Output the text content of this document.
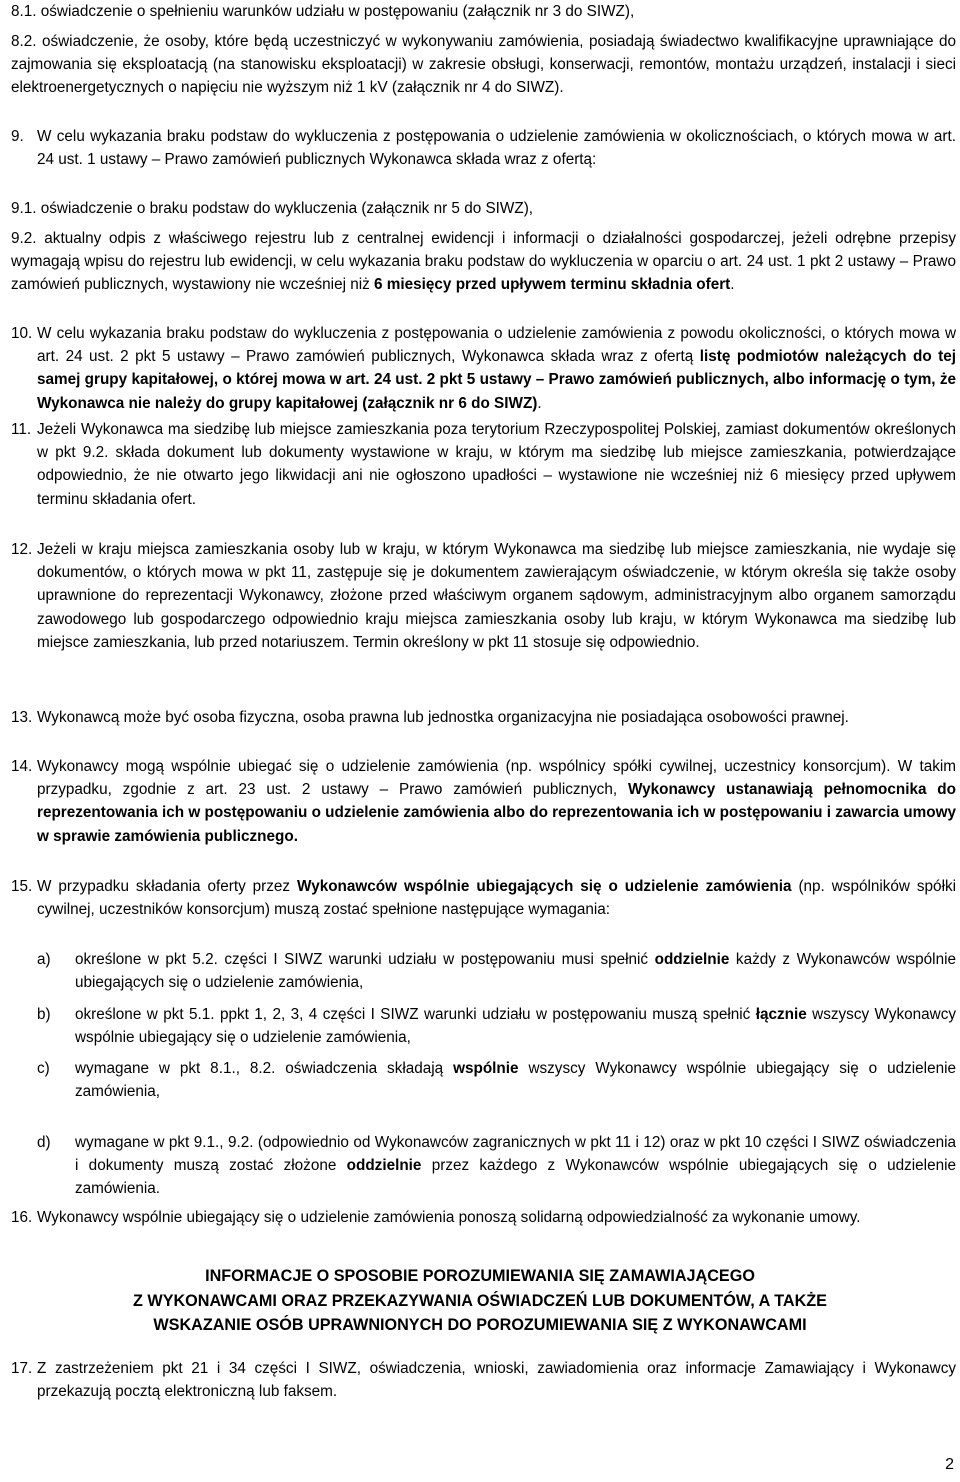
8.1. oświadczenie o spełnieniu warunków udziału w postępowaniu (załącznik nr 3 do SIWZ),

8.2. oświadczenie, że osoby, które będą uczestniczyć w wykonywaniu zamówienia, posiadają świadectwo kwalifikacyjne uprawniające do zajmowania się eksploatacją (na stanowisku eksploatacji) w zakresie obsługi, konserwacji, remontów, montażu urządzeń, instalacji i sieci elektroenergetycznych o napięciu nie wyższym niż 1 kV (załącznik nr 4 do SIWZ).

9. W celu wykazania braku podstaw do wykluczenia z postępowania o udzielenie zamówienia w okolicznościach, o których mowa w art. 24 ust. 1 ustawy – Prawo zamówień publicznych Wykonawca składa wraz z ofertą:

9.1. oświadczenie o braku podstaw do wykluczenia (załącznik nr 5 do SIWZ),

9.2. aktualny odpis z właściwego rejestru lub z centralnej ewidencji i informacji o działalności gospodarczej, jeżeli odrębne przepisy wymagają wpisu do rejestru lub ewidencji, w celu wykazania braku podstaw do wykluczenia w oparciu o art. 24 ust. 1 pkt 2 ustawy – Prawo zamówień publicznych, wystawiony nie wcześniej niż 6 miesięcy przed upływem terminu składnia ofert.

10. W celu wykazania braku podstaw do wykluczenia z postępowania o udzielenie zamówienia z powodu okoliczności, o których mowa w art. 24 ust. 2 pkt 5 ustawy – Prawo zamówień publicznych, Wykonawca składa wraz z ofertą listę podmiotów należących do tej samej grupy kapitałowej, o której mowa w art. 24 ust. 2 pkt 5 ustawy – Prawo zamówień publicznych, albo informację o tym, że Wykonawca nie należy do grupy kapitałowej (załącznik nr 6 do SIWZ).

11. Jeżeli Wykonawca ma siedzibę lub miejsce zamieszkania poza terytorium Rzeczypospolitej Polskiej, zamiast dokumentów określonych w pkt 9.2. składa dokument lub dokumenty wystawione w kraju, w którym ma siedzibę lub miejsce zamieszkania, potwierdzające odpowiednio, że nie otwarto jego likwidacji ani nie ogłoszono upadłości – wystawione nie wcześniej niż 6 miesięcy przed upływem terminu składania ofert.

12. Jeżeli w kraju miejsca zamieszkania osoby lub w kraju, w którym Wykonawca ma siedzibę lub miejsce zamieszkania, nie wydaje się dokumentów, o których mowa w pkt 11, zastępuje się je dokumentem zawierającym oświadczenie, w którym określa się także osoby uprawnione do reprezentacji Wykonawcy, złożone przed właściwym organem sądowym, administracyjnym albo organem samorządu zawodowego lub gospodarczego odpowiednio kraju miejsca zamieszkania osoby lub kraju, w którym Wykonawca ma siedzibę lub miejsce zamieszkania, lub przed notariuszem. Termin określony w pkt 11 stosuje się odpowiednio.

13. Wykonawcą może być osoba fizyczna, osoba prawna lub jednostka organizacyjna nie posiadająca osobowości prawnej.

14. Wykonawcy mogą wspólnie ubiegać się o udzielenie zamówienia (np. wspólnicy spółki cywilnej, uczestnicy konsorcjum). W takim przypadku, zgodnie z art. 23 ust. 2 ustawy – Prawo zamówień publicznych, Wykonawcy ustanawiają pełnomocnika do reprezentowania ich w postępowaniu o udzielenie zamówienia albo do reprezentowania ich w postępowaniu i zawarcia umowy w sprawie zamówienia publicznego.

15. W przypadku składania oferty przez Wykonawców wspólnie ubiegających się o udzielenie zamówienia (np. wspólników spółki cywilnej, uczestników konsorcjum) muszą zostać spełnione następujące wymagania:

a) określone w pkt 5.2. części I SIWZ warunki udziału w postępowaniu musi spełnić oddzielnie każdy z Wykonawców wspólnie ubiegających się o udzielenie zamówienia,

b) określone w pkt 5.1. ppkt 1, 2, 3, 4 części I SIWZ warunki udziału w postępowaniu muszą spełnić łącznie wszyscy Wykonawcy wspólnie ubiegający się o udzielenie zamówienia,

c) wymagane w pkt 8.1., 8.2. oświadczenia składają wspólnie wszyscy Wykonawcy wspólnie ubiegający się o udzielenie zamówienia,

d) wymagane w pkt 9.1., 9.2. (odpowiednio od Wykonawców zagranicznych w pkt 11 i 12) oraz w pkt 10 części I SIWZ oświadczenia i dokumenty muszą zostać złożone oddzielnie przez każdego z Wykonawców wspólnie ubiegających się o udzielenie zamówienia.

16. Wykonawcy wspólnie ubiegający się o udzielenie zamówienia ponoszą solidarną odpowiedzialność za wykonanie umowy.

INFORMACJE O SPOSOBIE POROZUMIEWANIA SIĘ ZAMAWIAJĄCEGO
Z WYKONAWCAMI ORAZ PRZEKAZYWANIA OŚWIADCZEŃ LUB DOKUMENTÓW, A TAKŻE
WSKAZANIE OSÓB UPRAWNIONYCH DO POROZUMIEWANIA SIĘ Z WYKONAWCAMI
17. Z zastrzeżeniem pkt 21 i 34 części I SIWZ, oświadczenia, wnioski, zawiadomienia oraz informacje Zamawiający i Wykonawcy przekazują pocztą elektroniczną lub faksem.

2
